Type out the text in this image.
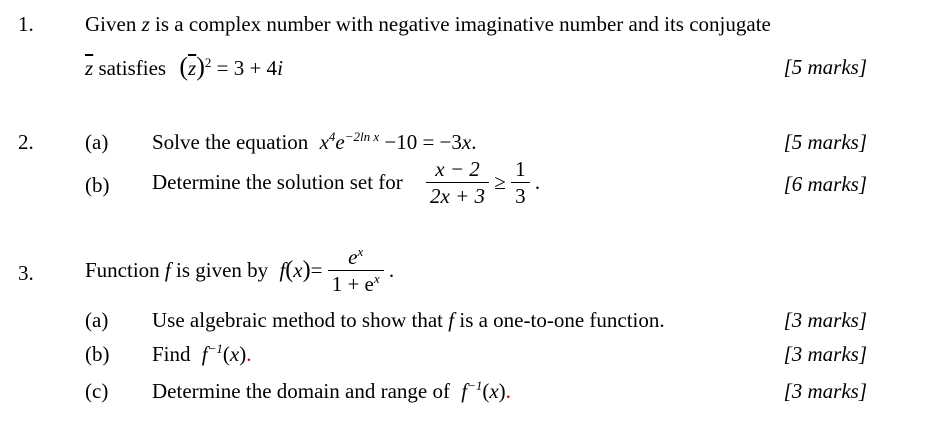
1. Given z is a complex number with negative imaginative number and its conjugate
$\overline{z}$ satisfies $(\overline{z})^2 = 3 + 4i$	[5 marks]
2. (a) Solve the equation $x^4e^{-2ln x} -10 = -3x$.	[5 marks]
(b) Determine the solution set for $\frac{x - 2}{2x + 3} \ge \frac{1}{3}$ .	[6 marks]
3. Function f is given by $f(x)= \frac{e^x}{1 + e^x}$ .
(a) Use algebraic method to show that f is a one-to-one function.	[3 marks]
(b) Find $f^{-1}(x)$.	[3 marks]
(c) Determine the domain and range of $f^{-1}(x)$.	[3 marks]
